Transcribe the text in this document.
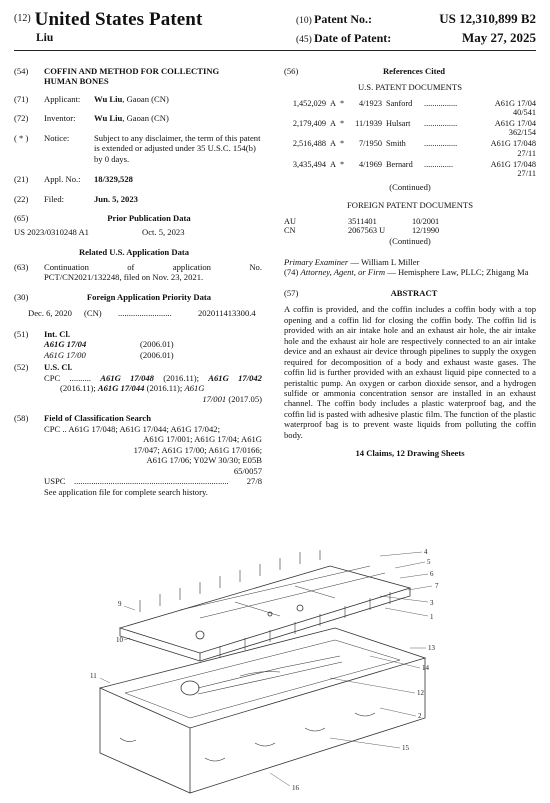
(12) United States Patent
Liu
(10) Patent No.:	US 12,310,899 B2
(45) Date of Patent:	May 27, 2025
(54)	COFFIN AND METHOD FOR COLLECTING HUMAN BONES
(71)	Applicant:	Wu Liu, Gaoan (CN)
(72)	Inventor:	Wu Liu, Gaoan (CN)
( * )	Notice:	Subject to any disclaimer, the term of this patent is extended or adjusted under 35 U.S.C. 154(b) by 0 days.
(21)	Appl. No.:	18/329,528
(22)	Filed:	Jun. 5, 2023
(65)	Prior Publication Data
US 2023/0310248 A1	Oct. 5, 2023
Related U.S. Application Data
(63)	Continuation	of	application	No.
PCT/CN2021/132248, filed on Nov. 23, 2021.
(30)	Foreign Application Priority Data
Dec. 6, 2020	(CN)	.........................	202011413300.4
(51)	Int. Cl.
A61G 17/04	(2006.01)
A61G 17/00	(2006.01)
(52)	U.S. Cl.
CPC .......... A61G 17/048 (2016.11); A61G 17/042 (2016.11); A61G 17/044 (2016.11); A61G
17/001 (2017.05)
(58)	Field of Classification Search
CPC .. A61G 17/048; A61G 17/044; A61G 17/042;
A61G 17/001; A61G 17/04; A61G
17/047; A61G 17/00; A61G 17/0166;
A61G 17/06; Y02W 30/30; E05B
65/0057
USPC ........................................................................	27/8
See application file for complete search history.
(56)	References Cited
U.S. PATENT DOCUMENTS
1,452,029 A *	4/1923 Sanford	................	A61G 17/04
40/541
2,179,409 A *	11/1939 Hulsart	................	A61G 17/04
362/154
2,516,488 A *	7/1950 Smith	................	A61G 17/048
27/11
3,435,494 A *	4/1969 Bernard	..............	A61G 17/048
27/11
(Continued)
FOREIGN PATENT DOCUMENTS
AU	3511401	10/2001
CN	2067563 U	12/1990
(Continued)
Primary Examiner — William L Miller
(74) Attorney, Agent, or Firm — Hemisphere Law, PLLC; Zhigang Ma
(57)	ABSTRACT
A coffin is provided, and the coffin includes a coffin body with a top opening and a coffin lid for closing the coffin body. The coffin lid is provided with an air intake hole and an exhaust air hole, the air intake hole and the exhaust air hole are respectively connected to an air intake device and an exhaust air device through pipelines to supply the oxygen required for decomposition of a body and exhaust waste gases. The coffin lid is further provided with an exhaust liquid pipe connected to a peristaltic pump. An oxygen or carbon dioxide sensor, and a hydrogen sulfide or ammonia concentration sensor are installed in an exhaust channel. The coffin body includes a plastic waterproof bag, and the coffin lid is pasted with adhesive plastic film. The function of the plastic waterproof bag is to prevent waste liquids from polluting the coffin body.
14 Claims, 12 Drawing Sheets
4
5
6
7
3
1
9
10
13
14
11
12
2
15
16
